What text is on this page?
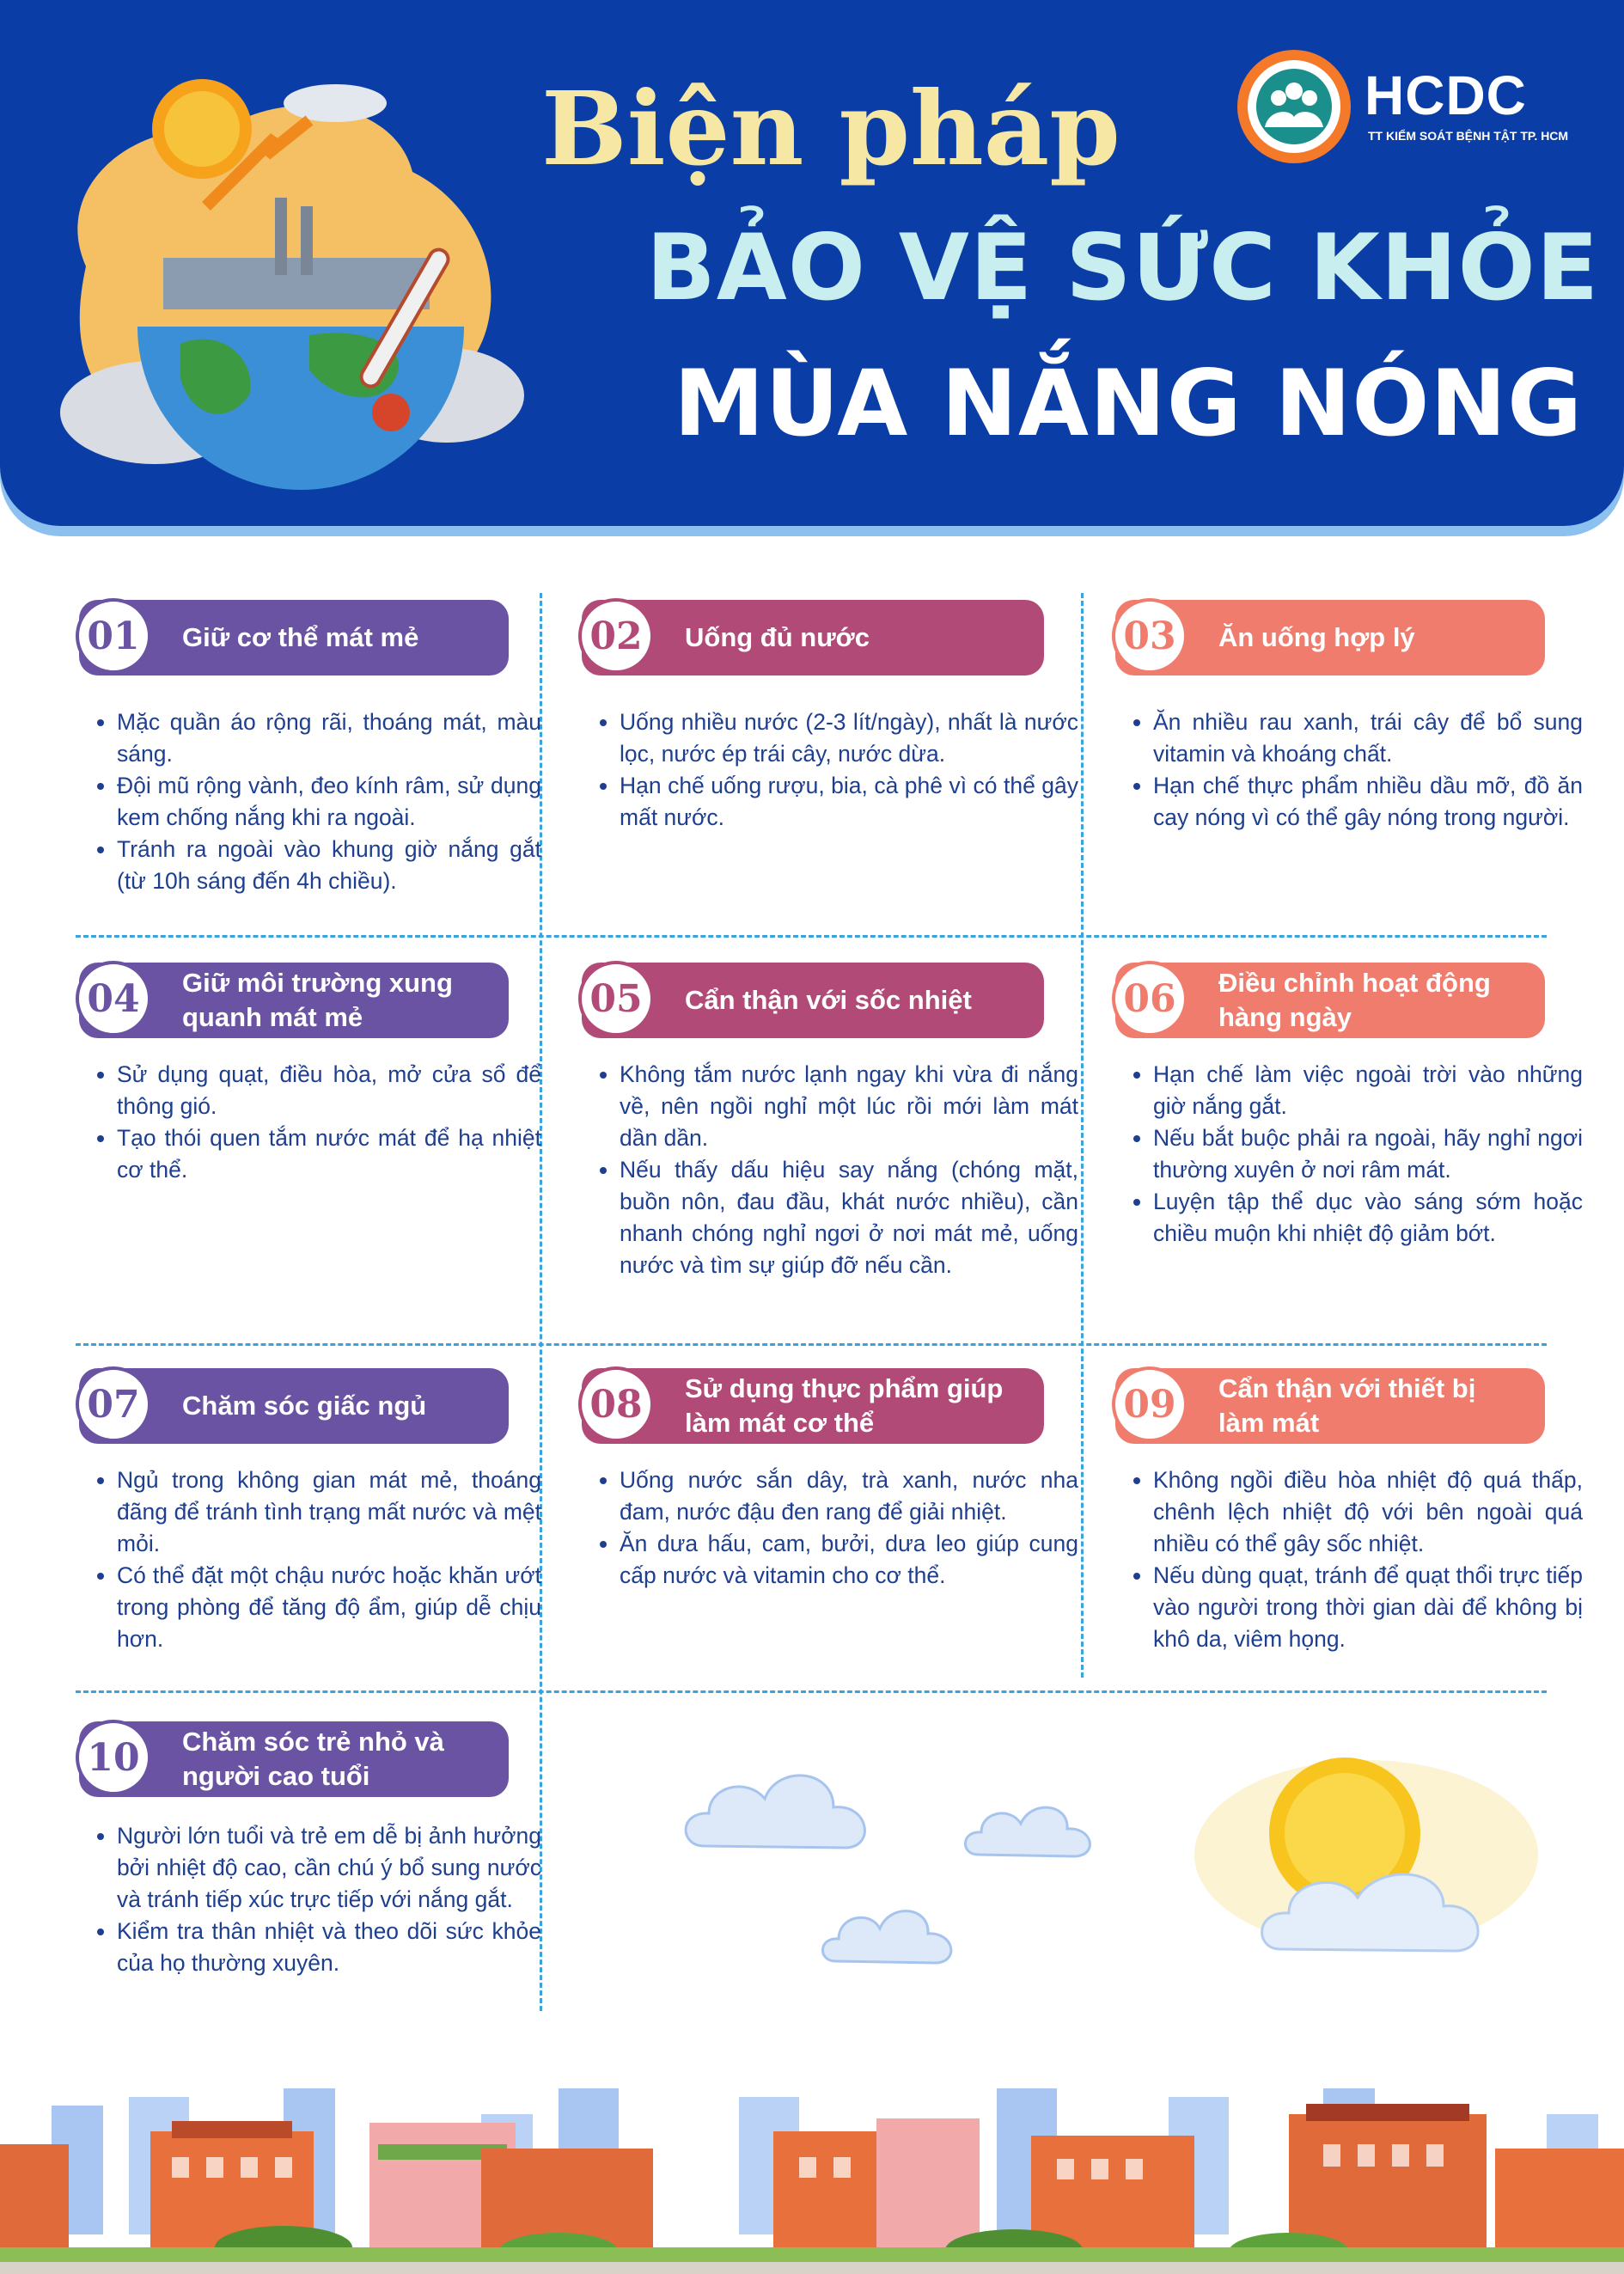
Biện pháp
BẢO VỆ SỨC KHỎE
MÙA NẮNG NÓNG
HCDC
TT KIỂM SOÁT BỆNH TẬT TP. HCM
01	Giữ cơ thể mát mẻ
• Mặc quần áo rộng rãi, thoáng mát, màu sáng.
• Đội mũ rộng vành, đeo kính râm, sử dụng kem chống nắng khi ra ngoài.
• Tránh ra ngoài vào khung giờ nắng gắt (từ 10h sáng đến 4h chiều).
02	Uống đủ nước
• Uống nhiều nước (2-3 lít/ngày), nhất là nước lọc, nước ép trái cây, nước dừa.
• Hạn chế uống rượu, bia, cà phê vì có thể gây mất nước.
03	Ăn uống hợp lý
• Ăn nhiều rau xanh, trái cây để bổ sung vitamin và khoáng chất.
• Hạn chế thực phẩm nhiều dầu mỡ, đồ ăn cay nóng vì có thể gây nóng trong người.
04	Giữ môi trường xung quanh mát mẻ
• Sử dụng quạt, điều hòa, mở cửa sổ để thông gió.
• Tạo thói quen tắm nước mát để hạ nhiệt cơ thể.
05	Cẩn thận với sốc nhiệt
• Không tắm nước lạnh ngay khi vừa đi nắng về, nên ngồi nghỉ một lúc rồi mới làm mát dần dần.
• Nếu thấy dấu hiệu say nắng (chóng mặt, buồn nôn, đau đầu, khát nước nhiều), cần nhanh chóng nghỉ ngơi ở nơi mát mẻ, uống nước và tìm sự giúp đỡ nếu cần.
06	Điều chỉnh hoạt động hàng ngày
• Hạn chế làm việc ngoài trời vào những giờ nắng gắt.
• Nếu bắt buộc phải ra ngoài, hãy nghỉ ngơi thường xuyên ở nơi râm mát.
• Luyện tập thể dục vào sáng sớm hoặc chiều muộn khi nhiệt độ giảm bớt.
07	Chăm sóc giấc ngủ
• Ngủ trong không gian mát mẻ, thoáng đãng để tránh tình trạng mất nước và mệt mỏi.
• Có thể đặt một chậu nước hoặc khăn ướt trong phòng để tăng độ ẩm, giúp dễ chịu hơn.
08	Sử dụng thực phẩm giúp làm mát cơ thể
• Uống nước sắn dây, trà xanh, nước nha đam, nước đậu đen rang để giải nhiệt.
• Ăn dưa hấu, cam, bưởi, dưa leo giúp cung cấp nước và vitamin cho cơ thể.
09	Cẩn thận với thiết bị làm mát
• Không ngồi điều hòa nhiệt độ quá thấp, chênh lệch nhiệt độ với bên ngoài quá nhiều có thể gây sốc nhiệt.
• Nếu dùng quạt, tránh để quạt thổi trực tiếp vào người trong thời gian dài để không bị khô da, viêm họng.
10	Chăm sóc trẻ nhỏ và người cao tuổi
• Người lớn tuổi và trẻ em dễ bị ảnh hưởng bởi nhiệt độ cao, cần chú ý bổ sung nước và tránh tiếp xúc trực tiếp với nắng gắt.
• Kiểm tra thân nhiệt và theo dõi sức khỏe của họ thường xuyên.
